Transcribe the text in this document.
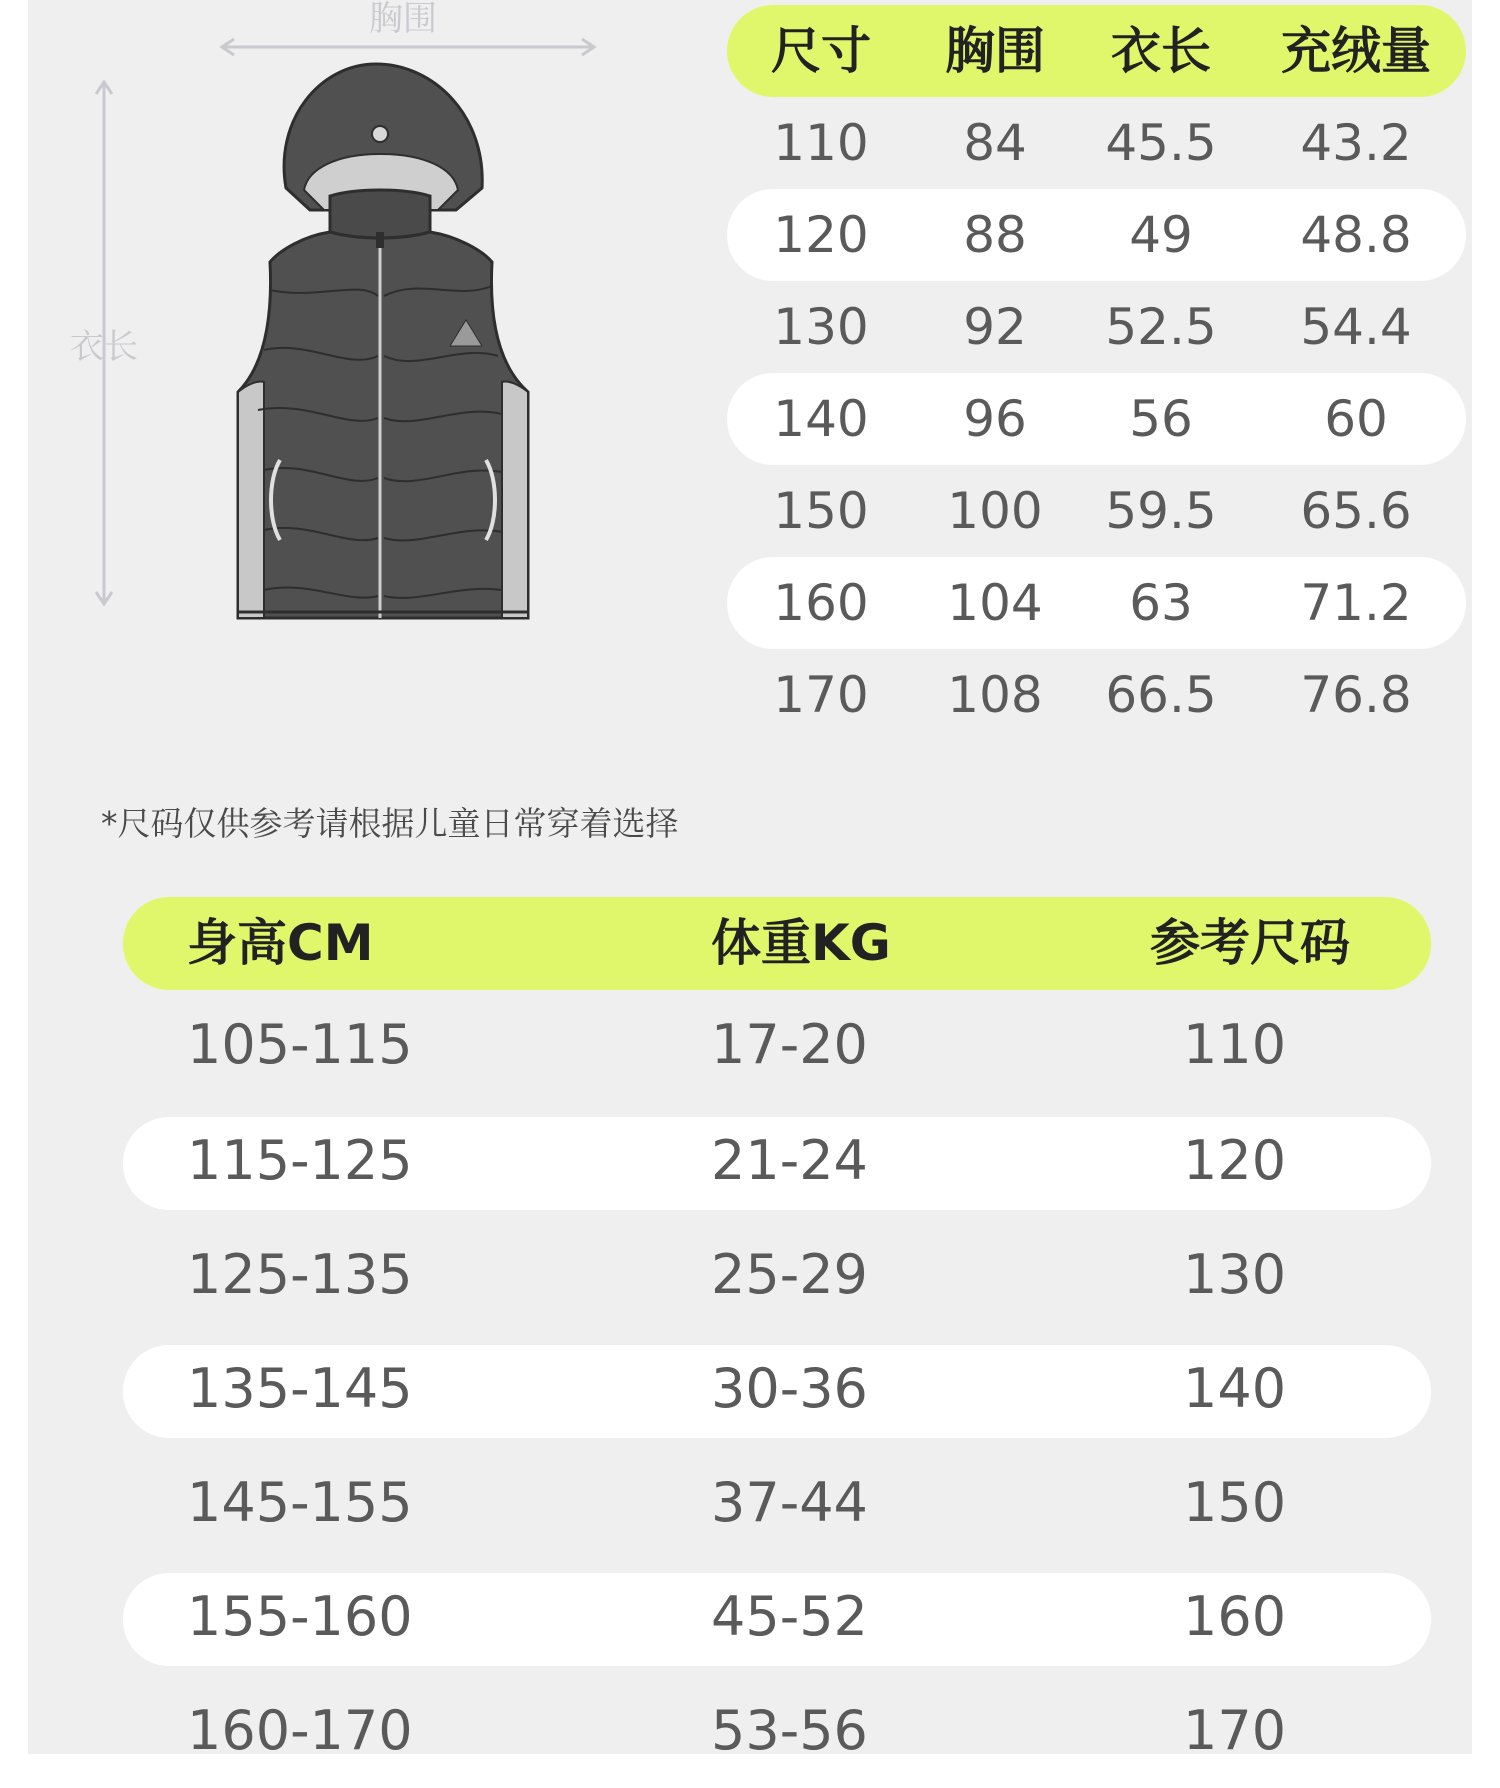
胸围
衣长
尺寸 胸围 衣长 充绒量
110 84 45.5 43.2
120 88 49 48.8
130 92 52.5 54.4
140 96 56	60
150 100 59.5 65.6
160 104 63 71.2
170 108 66.5 76.8
*尺码仅供参考请根据儿童日常穿着选择
身高CM	体重KG	参考尺码
105-115	17-20	110
115-125	21-24	120
125-135	25-29	130
135-145	30-36	140
145-155	37-44	150
155-160	45-52	160
160-170	53-56	170
